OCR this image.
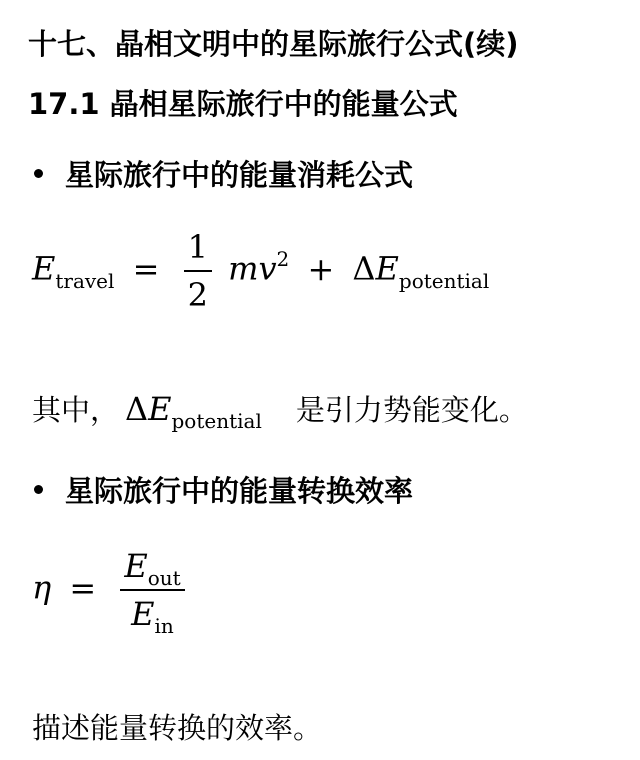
十七、晶相文明中的星际旅行公式(续)
17.1 晶相星际旅行中的能量公式
星际旅行中的能量消耗公式
$E_{travel} = \frac{1}{2} mv^2 + \Delta E_{potential}$
其中， $\Delta E_{potential}$ 是引力势能变化。
星际旅行中的能量转换效率
$\eta = \frac{E_{out}}{E_{in}}$
描述能量转换的效率。
